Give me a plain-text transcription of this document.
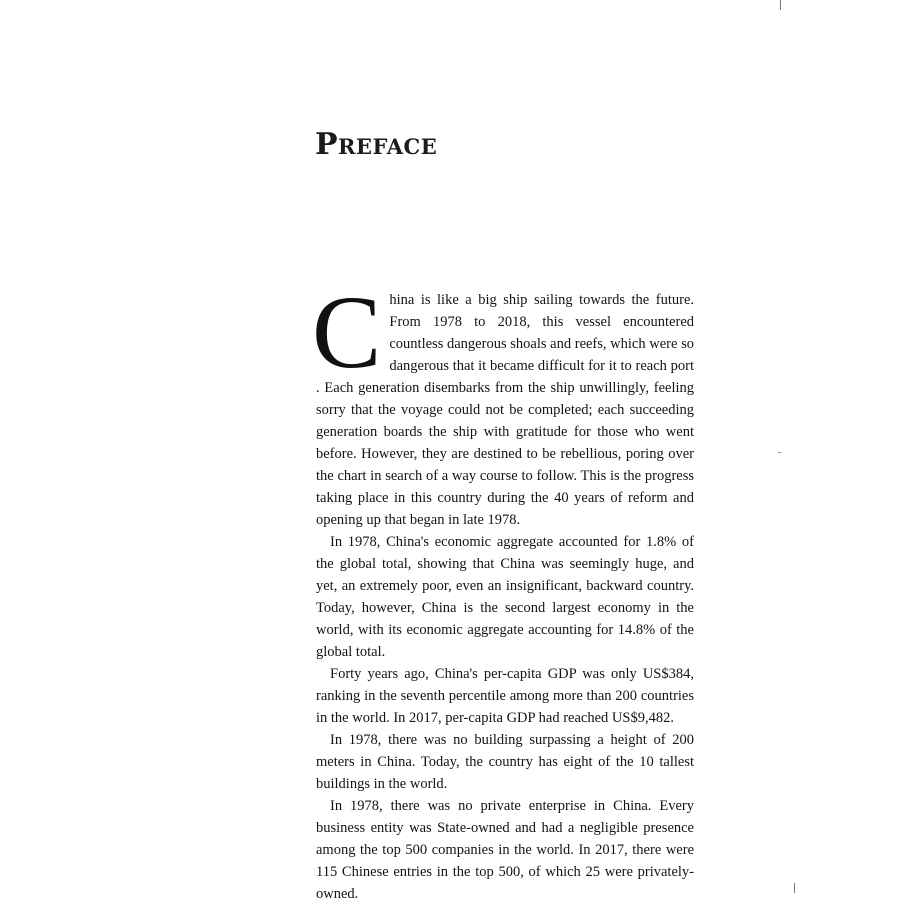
Preface

China is like a big ship sailing towards the future. From 1978 to 2018, this vessel encountered countless dangerous shoals and reefs, which were so dangerous that it became difficult for it to reach port . Each generation disembarks from the ship unwillingly, feeling sorry that the voyage could not be completed; each succeeding generation boards the ship with gratitude for those who went before. However, they are destined to be rebellious, poring over the chart in search of a way course to follow. This is the progress taking place in this country during the 40 years of reform and opening up that began in late 1978.

In 1978, China's economic aggregate accounted for 1.8% of the global total, showing that China was seemingly huge, and yet, an extremely poor, even an insignificant, backward country. Today, however, China is the second largest economy in the world, with its economic aggregate accounting for 14.8% of the global total.

Forty years ago, China's per-capita GDP was only US$384, ranking in the seventh percentile among more than 200 countries in the world. In 2017, per-capita GDP had reached US$9,482.

In 1978, there was no building surpassing a height of 200 meters in China. Today, the country has eight of the 10 tallest buildings in the world.

In 1978, there was no private enterprise in China. Every business entity was State-owned and had a negligible presence among the top 500 companies in the world. In 2017, there were 115 Chinese entries in the top 500, of which 25 were privately-owned.
